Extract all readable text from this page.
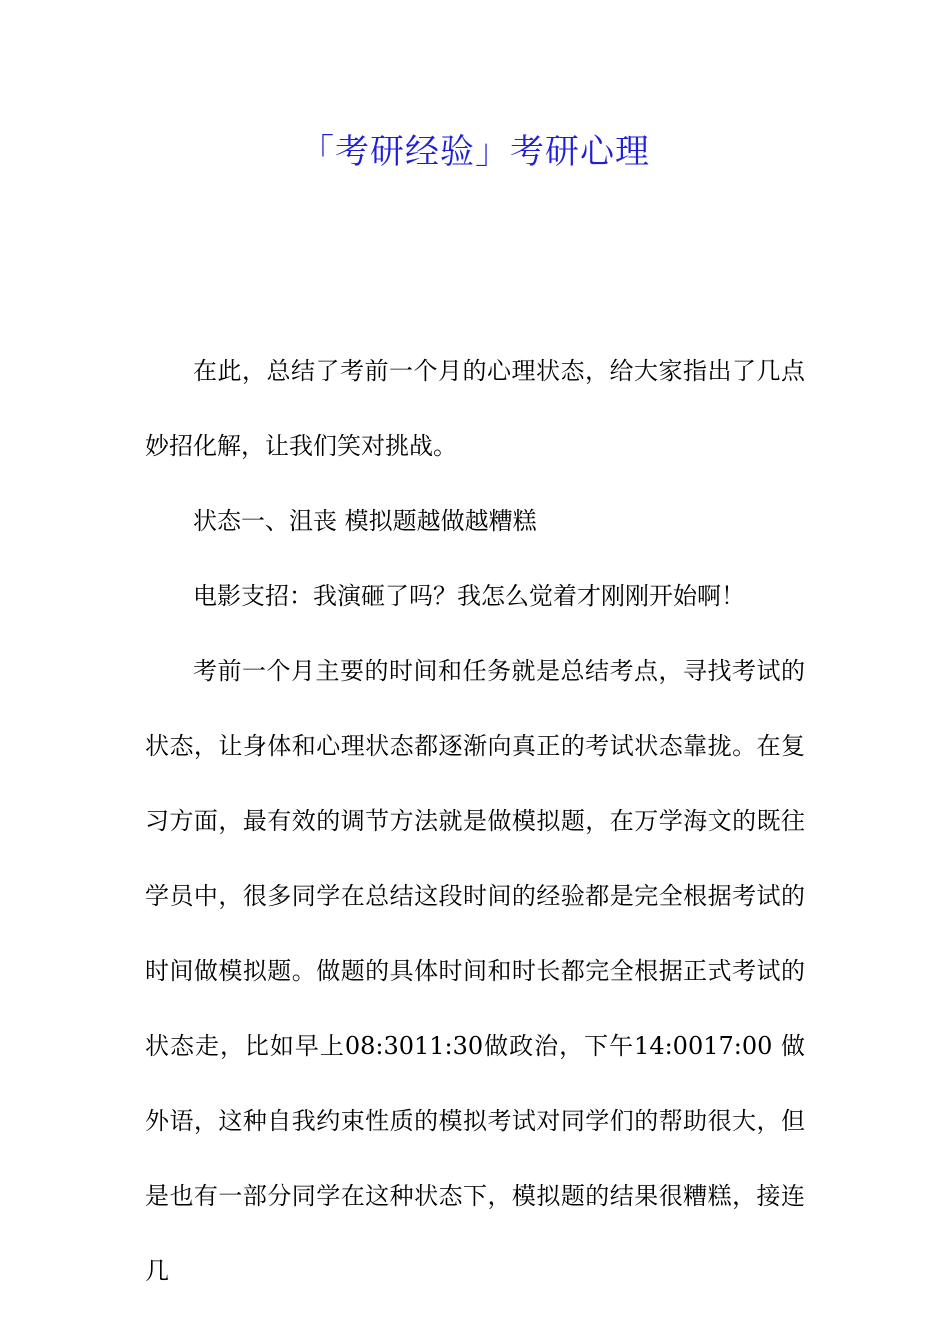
「考研经验」考研心理

在此，总结了考前一个月的心理状态，给大家指出了几点妙招化解，让我们笑对挑战。

状态一、沮丧 模拟题越做越糟糕

电影支招：我演砸了吗？我怎么觉着才刚刚开始啊！

考前一个月主要的时间和任务就是总结考点，寻找考试的状态，让身体和心理状态都逐渐向真正的考试状态靠拢。在复习方面，最有效的调节方法就是做模拟题，在万学海文的既往学员中，很多同学在总结这段时间的经验都是完全根据考试的时间做模拟题。做题的具体时间和时长都完全根据正式考试的状态走，比如早上08:3011:30做政治，下午14:0017:00 做外语，这种自我约束性质的模拟考试对同学们的帮助很大，但是也有一部分同学在这种状态下，模拟题的结果很糟糕，接连几
